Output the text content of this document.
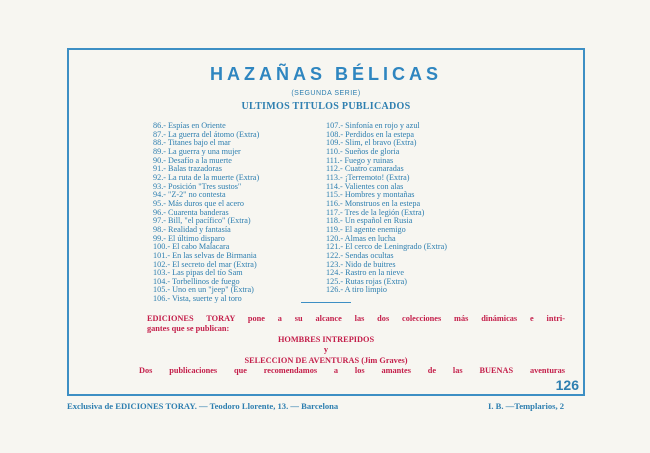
HAZAÑAS BÉLICAS
(SEGUNDA SERIE)
ULTIMOS TITULOS PUBLICADOS
86.- Espías en Oriente
87.- La guerra del átomo (Extra)
88.- Titanes bajo el mar
89.- La guerra y una mujer
90.- Desafío a la muerte
91.- Balas trazadoras
92.- La ruta de la muerte (Extra)
93.- Posición "Tres sustos"
94.- "Z-2" no contesta
95.- Más duros que el acero
96.- Cuarenta banderas
97.- Bill, "el pacífico" (Extra)
98.- Realidad y fantasía
99.- El último disparo
100.- El cabo Malacara
101.- En las selvas de Birmania
102.- El secreto del mar (Extra)
103.- Las pipas del tío Sam
104.- Torbellinos de fuego
105.- Uno en un "jeep" (Extra)
106.- Vista, suerte y al toro
107.- Sinfonía en rojo y azul
108.- Perdidos en la estepa
109.- Slim, el bravo (Extra)
110.- Sueños de gloria
111.- Fuego y ruinas
112.- Cuatro camaradas
113.- ¡Terremoto! (Extra)
114.- Valientes con alas
115.- Hombres y montañas
116.- Monstruos en la estepa
117.- Tres de la legión (Extra)
118.- Un español en Rusia
119.- El agente enemigo
120.- Almas en lucha
121.- El cerco de Leningrado (Extra)
122.- Sendas ocultas
123.- Nido de buitres
124.- Rastro en la nieve
125.- Rutas rojas (Extra)
126.- A tiro limpio
EDICIONES TORAY pone a su alcance las dos colecciones más dinámicas e intri-
gantes que se publican:
HOMBRES INTREPIDOS
y
SELECCION DE AVENTURAS (Jim Graves)
Dos publicaciones que recomendamos a los amantes de las BUENAS aventuras
126
Exclusiva de EDICIONES TORAY. — Teodoro Llorente, 13. — Barcelona	I. B. —Templarios, 2
